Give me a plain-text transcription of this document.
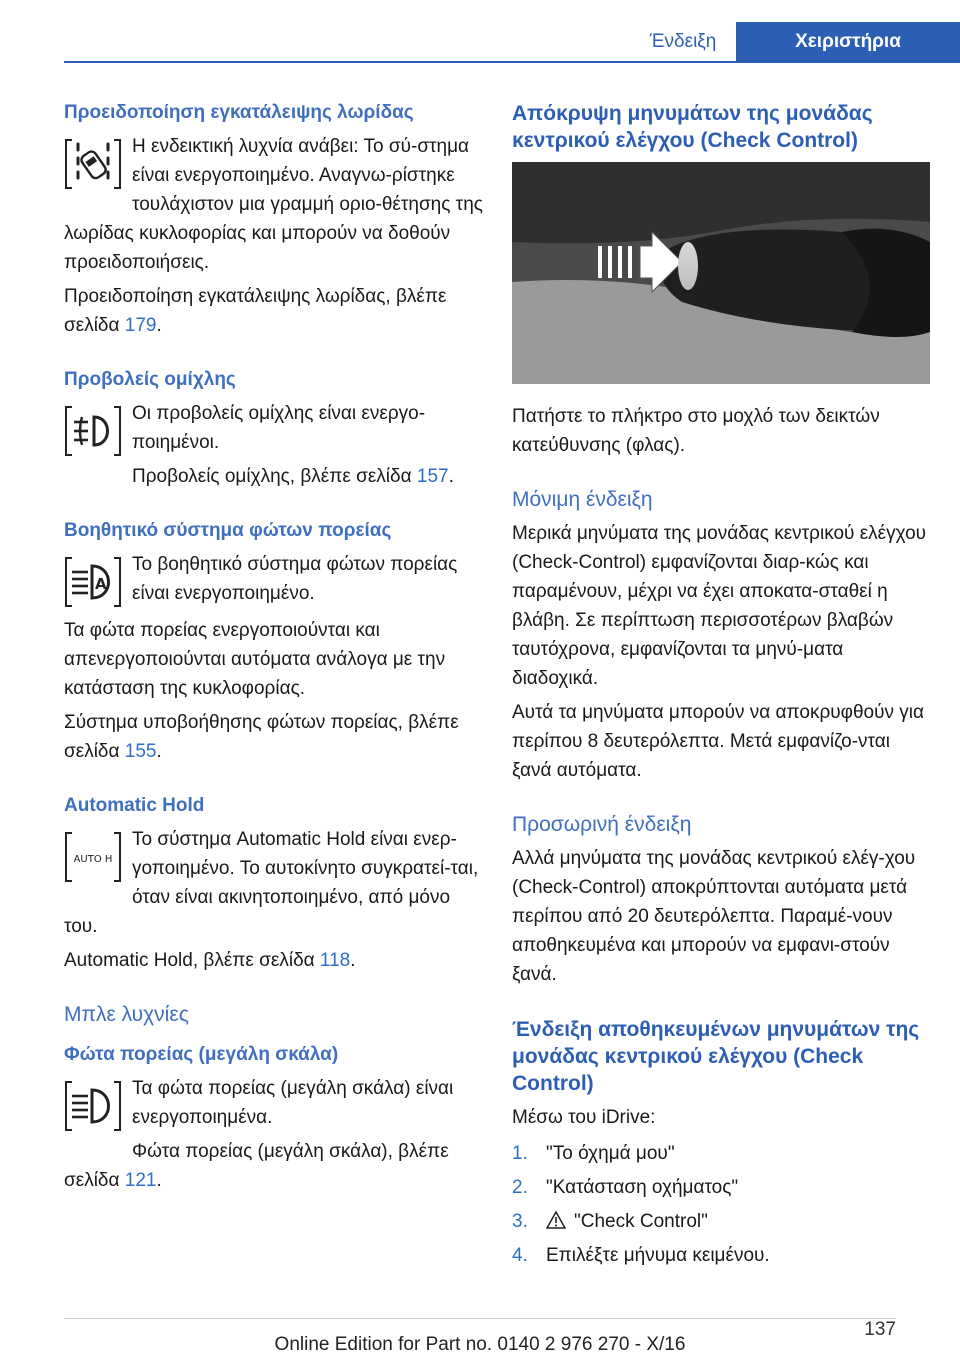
Ένδειξη	Χειριστήρια
Προειδοποίηση εγκατάλειψης λωρίδας
Η ενδεικτική λυχνία ανάβει: Το σύ-στημα είναι ενεργοποιημένο. Αναγνω-ρίστηκε τουλάχιστον μια γραμμή οριο-θέτησης της λωρίδας κυκλοφορίας και μπορούν να δοθούν προειδοποιήσεις.
Προειδοποίηση εγκατάλειψης λωρίδας, βλέπε σελίδα 179.
Προβολείς ομίχλης
Οι προβολείς ομίχλης είναι ενεργο-ποιημένοι.
Προβολείς ομίχλης, βλέπε σελίδα 157.
Βοηθητικό σύστημα φώτων πορείας
A
Το βοηθητικό σύστημα φώτων πορείας είναι ενεργοποιημένο.
Τα φώτα πορείας ενεργοποιούνται και απενεργοποιούνται αυτόματα ανάλογα με την κατάσταση της κυκλοφορίας.
Σύστημα υποβοήθησης φώτων πορείας, βλέπε σελίδα 155.
Automatic Hold
AUTO H
Το σύστημα Automatic Hold είναι ενερ-γοποιημένο. Το αυτοκίνητο συγκρατεί-ται, όταν είναι ακινητοποιημένο, από μόνο του.
Automatic Hold, βλέπε σελίδα 118.
Μπλε λυχνίες
Φώτα πορείας (μεγάλη σκάλα)
Τα φώτα πορείας (μεγάλη σκάλα) είναι ενεργοποιημένα.
Φώτα πορείας (μεγάλη σκάλα), βλέπε σελίδα 121.
Απόκρυψη μηνυμάτων της μονάδας κεντρικού ελέγχου (Check Control)
Πατήστε το πλήκτρο στο μοχλό των δεικτών κατεύθυνσης (φλας).
Μόνιμη ένδειξη
Μερικά μηνύματα της μονάδας κεντρικού ελέγχου (Check-Control) εμφανίζονται διαρ-κώς και παραμένουν, μέχρι να έχει αποκατα-σταθεί η βλάβη. Σε περίπτωση περισσοτέρων βλαβών ταυτόχρονα, εμφανίζονται τα μηνύ-ματα διαδοχικά.
Αυτά τα μηνύματα μπορούν να αποκρυφθούν για περίπου 8 δευτερόλεπτα. Μετά εμφανίζο-νται ξανά αυτόματα.
Προσωρινή ένδειξη
Αλλά μηνύματα της μονάδας κεντρικού ελέγ-χου (Check-Control) αποκρύπτονται αυτόματα μετά περίπου από 20 δευτερόλεπτα. Παραμέ-νουν αποθηκευμένα και μπορούν να εμφανι-στούν ξανά.
Ένδειξη αποθηκευμένων μηνυμάτων της μονάδας κεντρικού ελέγχου (Check Control)
Μέσω του iDrive:
1. "Το όχημά μου"
2. "Κατάσταση οχήματος"
3.	"Check Control"
4. Επιλέξτε μήνυμα κειμένου.
137
Online Edition for Part no. 0140 2 976 270 - X/16
